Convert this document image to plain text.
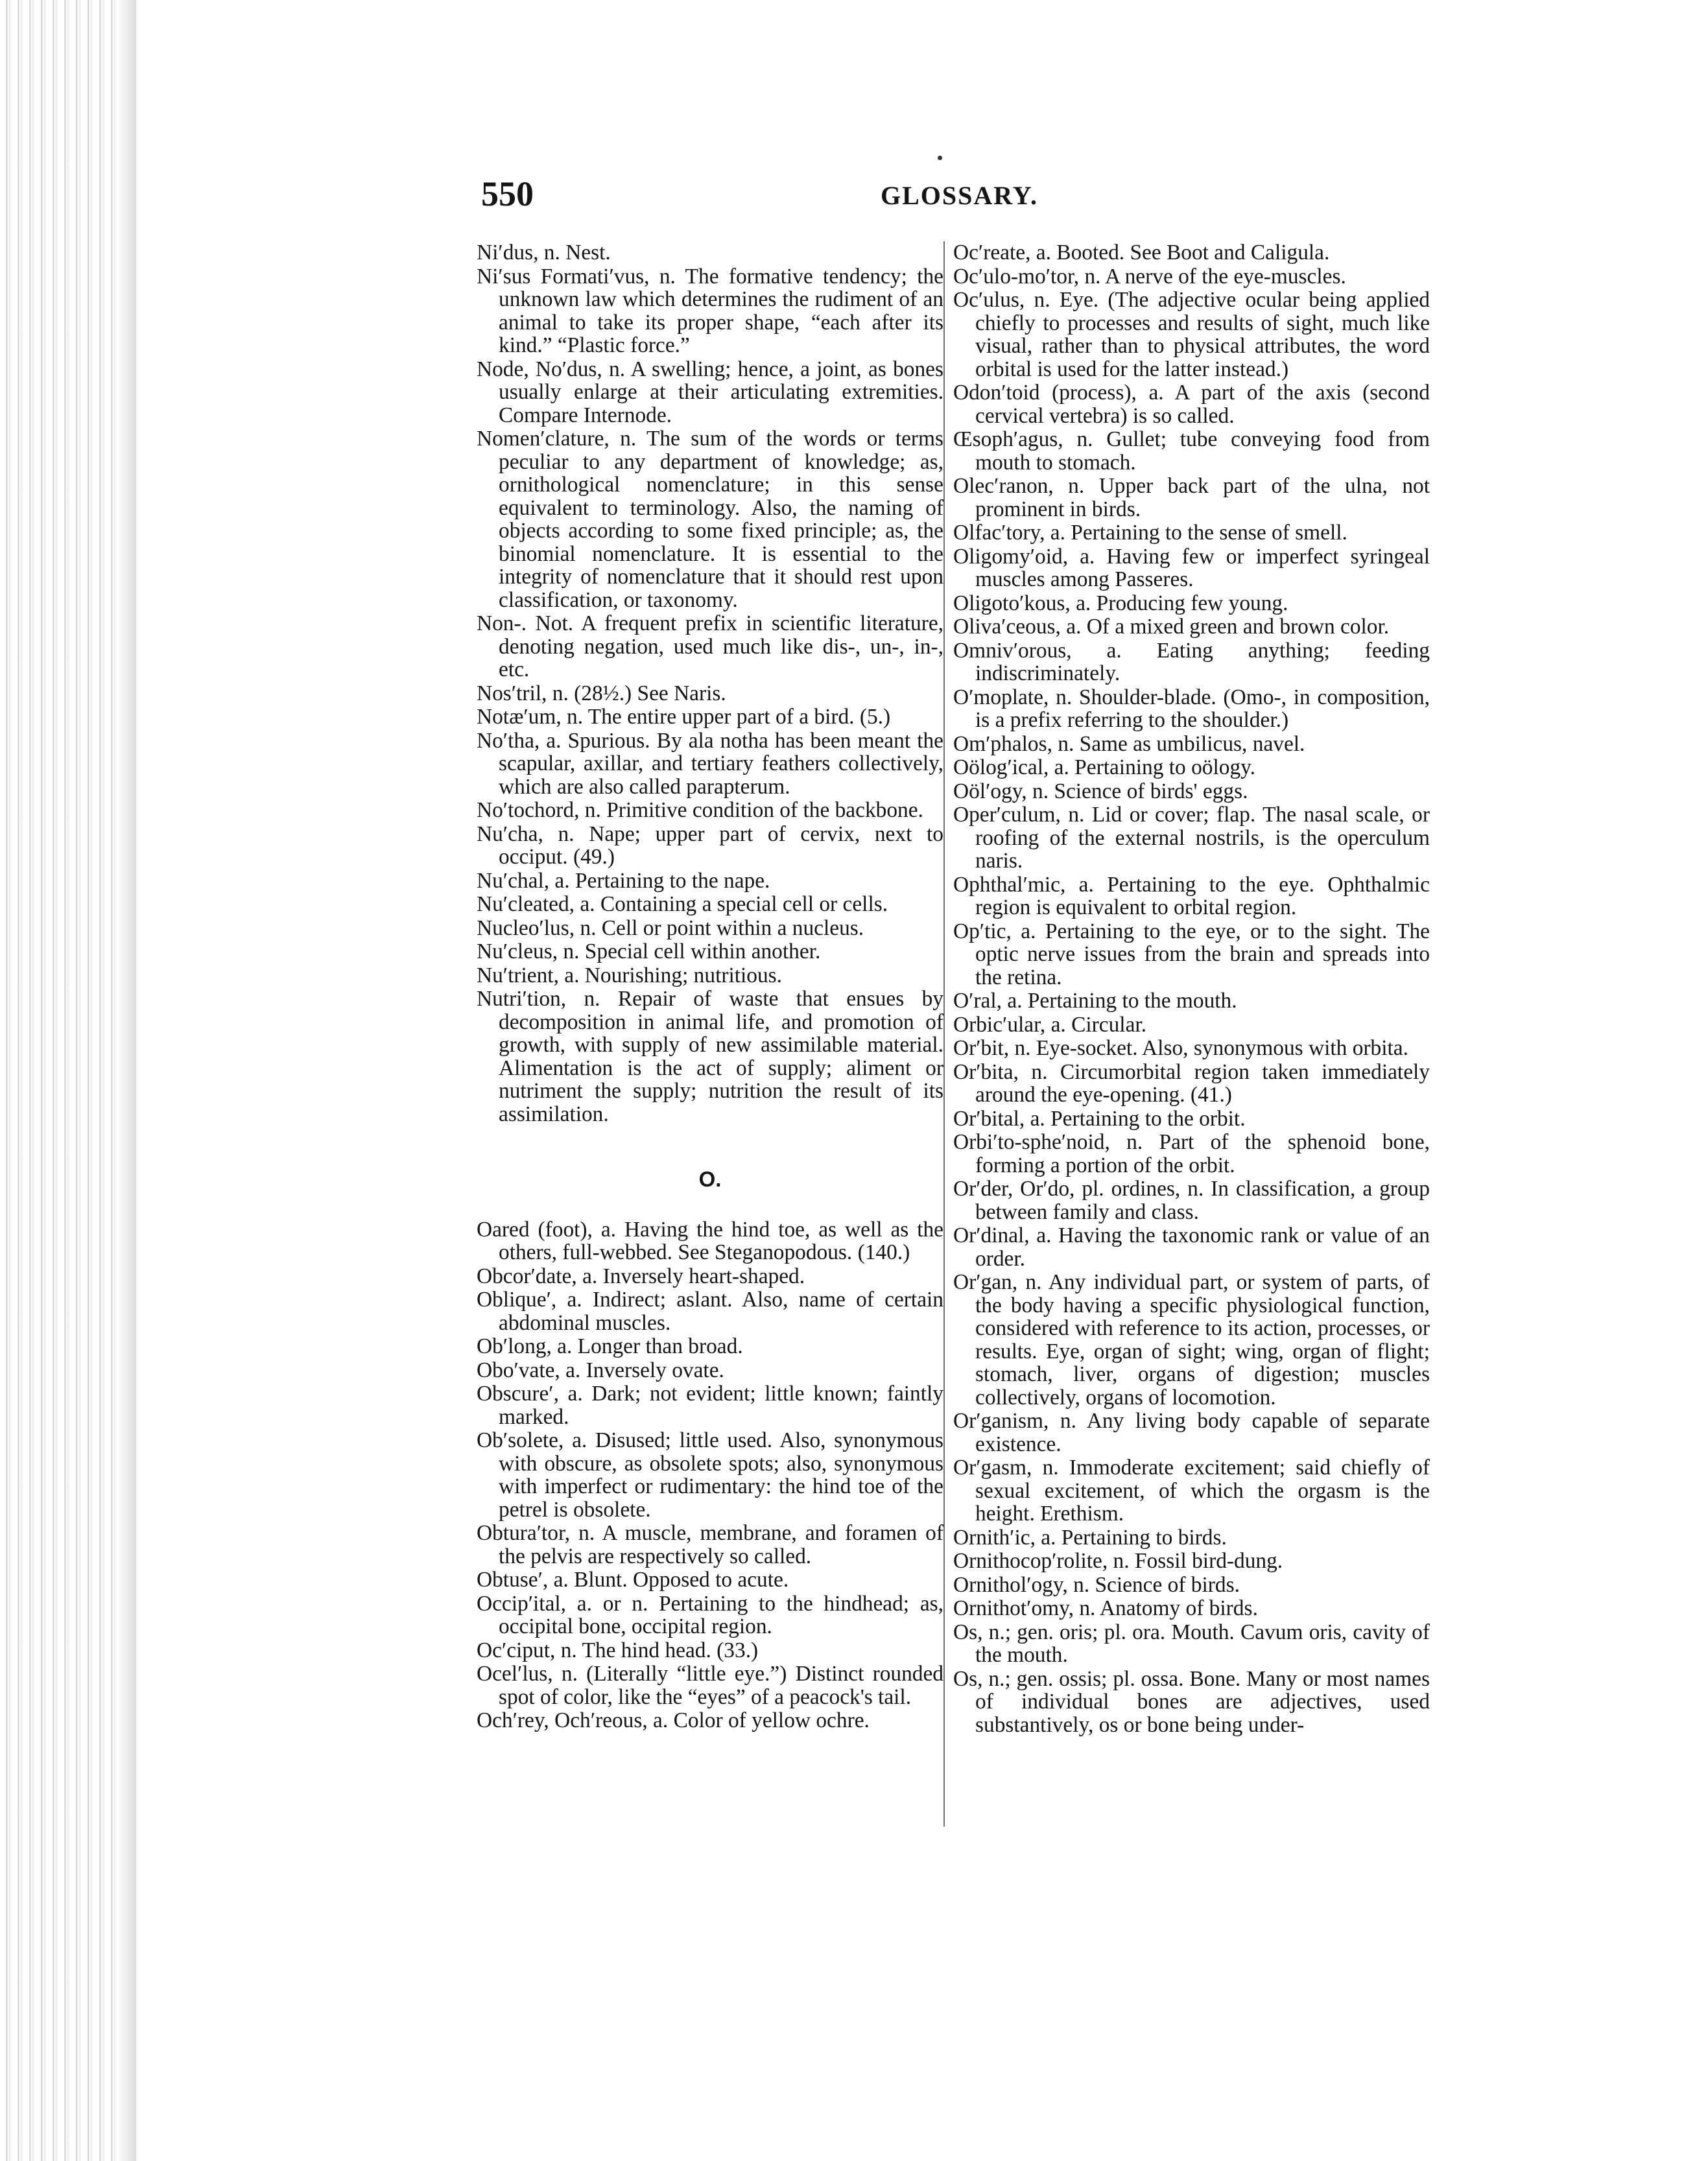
550	GLOSSARY.

Ni′dus, n. Nest.

Ni′sus Formati′vus, n. The formative tendency; the unknown law which determines the rudiment of an animal to take its proper shape, “each after its kind.” “Plastic force.”

Node, Nо′dus, n. A swelling; hence, a joint, as bones usually enlarge at their articulating extremities. Compare Internode.

Nomen′clature, n. The sum of the words or terms peculiar to any department of knowledge; as, ornithological nomenclature; in this sense equivalent to terminology. Also, the naming of objects according to some fixed principle; as, the binomial nomenclature. It is essential to the integrity of nomenclature that it should rest upon classification, or taxonomy.

Non-. Not. A frequent prefix in scientific literature, denoting negation, used much like dis-, un-, in-, etc.

Nos′tril, n. (28½.) See Naris.

Notæ′um, n. The entire upper part of a bird. (5.)

No′tha, a. Spurious. By ala notha has been meant the scapular, axillar, and tertiary feathers collectively, which are also called parapterum.

No′tochord, n. Primitive condition of the backbone.

Nu′cha, n. Nape; upper part of cervix, next to occiput. (49.)

Nu′chal, a. Pertaining to the nape.

Nu′cleated, a. Containing a special cell or cells.

Nucleo′lus, n. Cell or point within a nucleus.

Nu′cleus, n. Special cell within another.

Nu′trient, a. Nourishing; nutritious.

Nutri′tion, n. Repair of waste that ensues by decomposition in animal life, and promotion of growth, with supply of new assimilable material. Alimentation is the act of supply; aliment or nutriment the supply; nutrition the result of its assimilation.

O.

Oared (foot), a. Having the hind toe, as well as the others, full-webbed. See Steganopodous. (140.)

Obcor′date, a. Inversely heart-shaped.

Oblique′, a. Indirect; aslant. Also, name of certain abdominal muscles.

Ob′long, a. Longer than broad.

Obo′vate, a. Inversely ovate.

Obscure′, a. Dark; not evident; little known; faintly marked.

Ob′solete, a. Disused; little used. Also, synonymous with obscure, as obsolete spots; also, synonymous with imperfect or rudimentary: the hind toe of the petrel is obsolete.

Obtura′tor, n. A muscle, membrane, and foramen of the pelvis are respectively so called.

Obtuse′, a. Blunt. Opposed to acute.

Occip′ital, a. or n. Pertaining to the hindhead; as, occipital bone, occipital region.

Oc′ciput, n. The hind head. (33.)

Ocel′lus, n. (Literally “little eye.”) Distinct rounded spot of color, like the “eyes” of a peacock's tail.

Och′rey, Och′reous, a. Color of yellow ochre.

Oc′reate, a. Booted. See Boot and Caligula.

Oc′ulo-mo′tor, n. A nerve of the eye-muscles.

Oc′ulus, n. Eye. (The adjective ocular being applied chiefly to processes and results of sight, much like visual, rather than to physical attributes, the word orbital is used for the latter instead.)

Odon′toid (process), a. A part of the axis (second cervical vertebra) is so called.

Œsoph′agus, n. Gullet; tube conveying food from mouth to stomach.

Olec′ranon, n. Upper back part of the ulna, not prominent in birds.

Olfac′tory, a. Pertaining to the sense of smell.

Oligomy′oid, a. Having few or imperfect syringeal muscles among Passeres.

Oligoto′kous, a. Producing few young.

Oliva′ceous, a. Of a mixed green and brown color.

Omniv′orous, a. Eating anything; feeding indiscriminately.

O′moplate, n. Shoulder-blade. (Omo-, in composition, is a prefix referring to the shoulder.)

Om′phalos, n. Same as umbilicus, navel.

Oölog′ical, a. Pertaining to oölogy.

Oöl′ogy, n. Science of birds' eggs.

Oper′culum, n. Lid or cover; flap. The nasal scale, or roofing of the external nostrils, is the operculum naris.

Ophthal′mic, a. Pertaining to the eye. Ophthalmic region is equivalent to orbital region.

Op′tic, a. Pertaining to the eye, or to the sight. The optic nerve issues from the brain and spreads into the retina.

O′ral, a. Pertaining to the mouth.

Orbic′ular, a. Circular.

Or′bit, n. Eye-socket. Also, synonymous with orbita.

Or′bita, n. Circumorbital region taken immediately around the eye-opening. (41.)

Or′bital, a. Pertaining to the orbit.

Orbi′to-sphe′noid, n. Part of the sphenoid bone, forming a portion of the orbit.

Or′der, Or′do, pl. ordines, n. In classification, a group between family and class.

Or′dinal, a. Having the taxonomic rank or value of an order.

Or′gan, n. Any individual part, or system of parts, of the body having a specific physiological function, considered with reference to its action, processes, or results. Eye, organ of sight; wing, organ of flight; stomach, liver, organs of digestion; muscles collectively, organs of locomotion.

Or′ganism, n. Any living body capable of separate existence.

Or′gasm, n. Immoderate excitement; said chiefly of sexual excitement, of which the orgasm is the height. Erethism.

Ornith′ic, a. Pertaining to birds.

Ornithocop′rolite, n. Fossil bird-dung.

Ornithol′ogy, n. Science of birds.

Ornithot′omy, n. Anatomy of birds.

Os, n.; gen. oris; pl. ora. Mouth. Cavum oris, cavity of the mouth.

Os, n.; gen. ossis; pl. ossa. Bone. Many or most names of individual bones are adjectives, used substantively, os or bone being under-
